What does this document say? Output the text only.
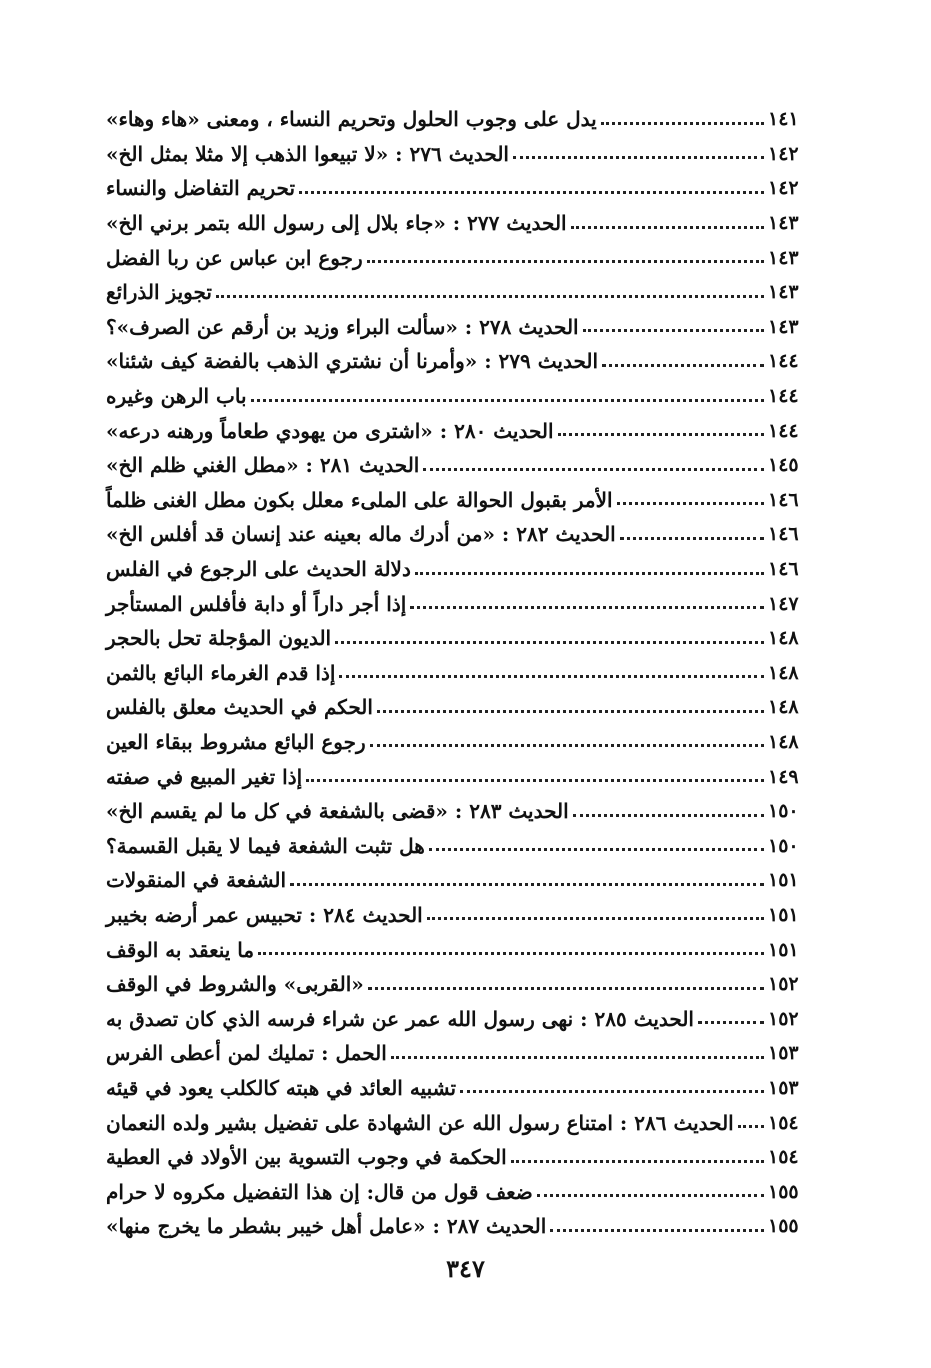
يدل على وجوب الحلول وتحريم النساء ، ومعنى «هاء وهاء»	١٤١
الحديث ٢٧٦ : «لا تبيعوا الذهب إلا مثلا بمثل الخ»	١٤٢
تحريم التفاضل والنساء	١٤٢
الحديث ٢٧٧ : «جاء بلال إلى رسول الله بتمر برني الخ»	١٤٣
رجوع ابن عباس عن ربا الفضل	١٤٣
تجويز الذرائع	١٤٣
الحديث ٢٧٨ : «سألت البراء وزيد بن أرقم عن الصرف»؟	١٤٣
الحديث ٢٧٩ : «وأمرنا أن نشتري الذهب بالفضة كيف شئنا»	١٤٤
باب الرهن وغيره	١٤٤
الحديث ٢٨٠ : «اشترى من يهودي طعاماً ورهنه درعه»	١٤٤
الحديث ٢٨١ : «مطل الغني ظلم الخ»	١٤٥
الأمر بقبول الحوالة على الملىء معلل بكون مطل الغنى ظلماً	١٤٦
الحديث ٢٨٢ : «من أدرك ماله بعينه عند إنسان قد أفلس الخ»	١٤٦
دلالة الحديث على الرجوع في الفلس	١٤٦
إذا أجر داراً أو دابة فأفلس المستأجر	١٤٧
الديون المؤجلة تحل بالحجر	١٤٨
إذا قدم الغرماء البائع بالثمن	١٤٨
الحكم في الحديث معلق بالفلس	١٤٨
رجوع البائع مشروط ببقاء العين	١٤٨
إذا تغير المبيع في صفته	١٤٩
الحديث ٢٨٣ : «قضى بالشفعة في كل ما لم يقسم الخ»	١٥٠
هل تثبت الشفعة فيما لا يقبل القسمة؟	١٥٠
الشفعة في المنقولات	١٥١
الحديث ٢٨٤ : تحبيس عمر أرضه بخيبر	١٥١
ما ينعقد به الوقف	١٥١
«القربى» والشروط في الوقف	١٥٢
الحديث ٢٨٥ : نهى رسول الله عمر عن شراء فرسه الذي كان تصدق به	١٥٢
الحمل : تمليك لمن أعطى الفرس	١٥٣
تشبيه العائد في هبته كالكلب يعود في قيئه	١٥٣
الحديث ٢٨٦ : امتناع رسول الله عن الشهادة على تفضيل بشير ولده النعمان ١٥٤
الحكمة في وجوب التسوية بين الأولاد في العطية	١٥٤
ضعف قول من قال: إن هذا التفضيل مكروه لا حرام	١٥٥
الحديث ٢٨٧ : «عامل أهل خيبر بشطر ما يخرج منها»	١٥٥
٣٤٧
